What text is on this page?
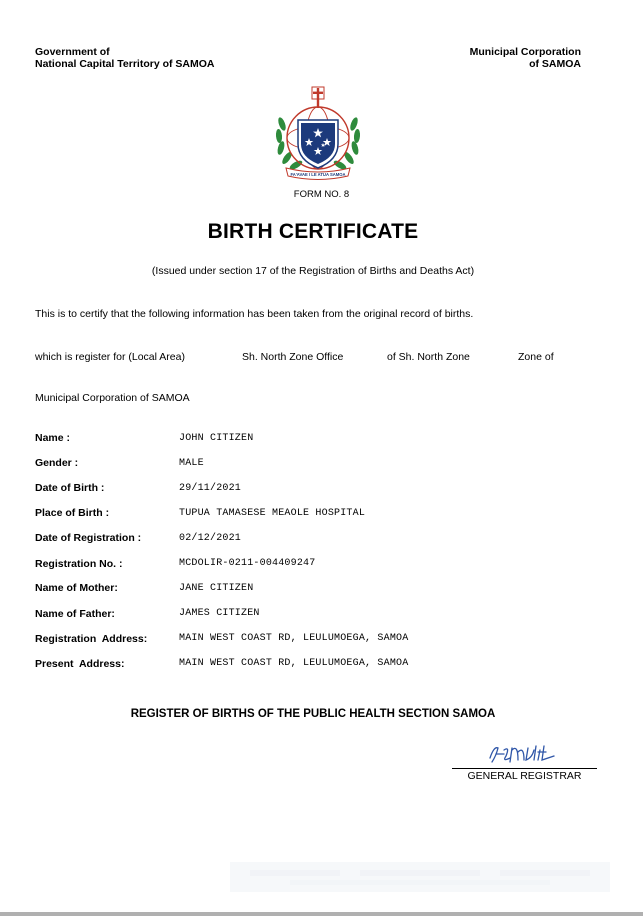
Government of
National Capital Territory of SAMOA
Municipal Corporation
of SAMOA
FA'AVAE I LE ATUA SAMOA
FORM NO. 8
BIRTH CERTIFICATE
(Issued under section 17 of the Registration of Births and Deaths Act)
This is to certify that the following information has been taken from the original record of births.
which is register for (Local Area)	Sh. North Zone Office	of Sh. North Zone	Zone of
Municipal Corporation of SAMOA
Name :	JOHN CITIZEN
Gender :	MALE
Date of Birth :	29/11/2021
Place of Birth :	TUPUA TAMASESE MEAOLE HOSPITAL
Date of Registration :	02/12/2021
Registration No. :	MCDOLIR-0211-004409247
Name of Mother:	JANE CITIZEN
Name of Father:	JAMES CITIZEN
Registration  Address:	MAIN WEST COAST RD, LEULUMOEGA, SAMOA
Present  Address:	MAIN WEST COAST RD, LEULUMOEGA, SAMOA
REGISTER OF BIRTHS OF THE PUBLIC HEALTH SECTION SAMOA
GENERAL REGISTRAR
